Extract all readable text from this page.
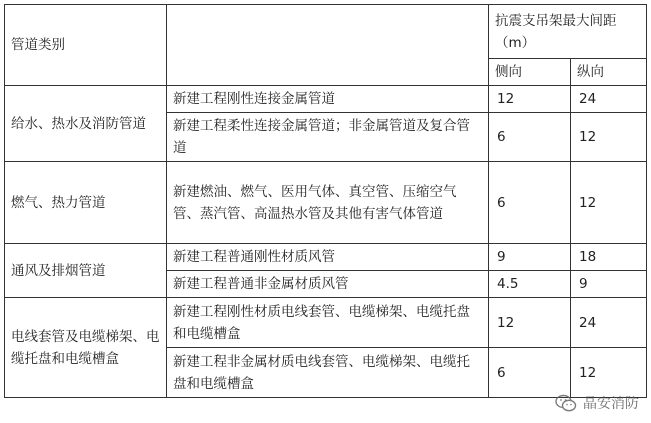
管道类别		抗震支吊架最大间距
（m）	

		侧向	纵向
给水、热水及消防管道	新建工程刚性连接金属管道	12	24
	新建工程柔性连接金属管道；非金属管道及复合管道	6	12
燃气、热力管道	新建燃油、燃气、医用气体、真空管、压缩空气管、蒸汽管、高温热水管及其他有害气体管道	6	12
通风及排烟管道	新建工程普通刚性材质风管	9	18
	新建工程普通非金属材质风管	4.5	9
电线套管及电缆梯架、电缆托盘和电缆槽盒	新建工程刚性材质电线套管、电缆梯架、电缆托盘和电缆槽盒	12	24
	新建工程非金属材质电线套管、电缆梯架、电缆托盘和电缆槽盒	6	12
晶安消防
